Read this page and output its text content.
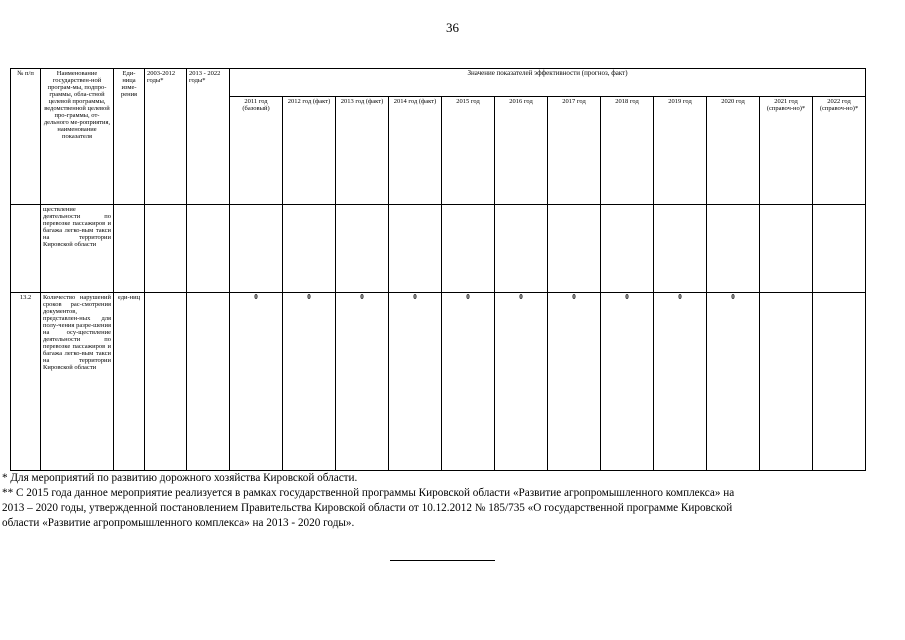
36
№ п/п	Наименование государствен-ной програм-мы, подпро-граммы, обла-стной целевой программы, ведомственной целевой про-граммы, от-дельного ме-роприятия, наименование показателя	Еди-ница изме-рения	2003-2012 годы*	2013 - 2022 годы*	Значение показателей эффективности (прогноз, факт)											
					2011 год (базовый)	2012 год (факт)	2013 год (факт)	2014 год (факт)	2015 год	2016 год	2017 год	2018 год	2019 год	2020 год	2021 год (справоч-но)*	2022 год (справоч-но)*
	ществление деятельности по перевозке пассажиров и багажа легко-вым такси на территории Кировской области															
13.2	Количество нарушений сроков рас-смотрения документов, представлен-ных для полу-чения разре-шения на осу-ществление деятельности по перевозке пассажиров и багажа легко-вым такси на территории Кировской области	еди-ниц			0	0	0	0	0	0	0	0	0	0		
* Для мероприятий по развитию дорожного хозяйства Кировской области.
** С 2015 года данное мероприятие реализуется в рамках государственной программы Кировской области «Развитие агропромышленного комплекса» на
2013 – 2020 годы, утвержденной постановлением Правительства Кировской области от 10.12.2012 № 185/735 «О государственной программе Кировской
области «Развитие агропромышленного комплекса» на 2013 - 2020 годы».
